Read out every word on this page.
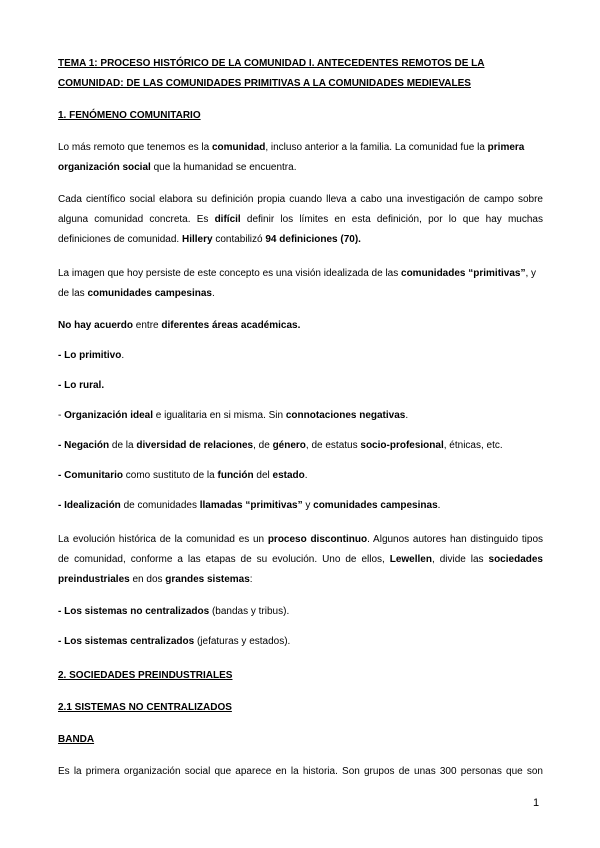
TEMA 1: PROCESO HISTÓRICO DE LA COMUNIDAD I. ANTECEDENTES REMOTOS DE LA COMUNIDAD: DE LAS COMUNIDADES PRIMITIVAS A LA COMUNIDADES MEDIEVALES

1. FENÓMENO COMUNITARIO

Lo más remoto que tenemos es la comunidad, incluso anterior a la familia. La comunidad fue la primera organización social que la humanidad se encuentra.

Cada científico social elabora su definición propia cuando lleva a cabo una investigación de campo sobre alguna comunidad concreta. Es difícil definir los límites en esta definición, por lo que hay muchas definiciones de comunidad. Hillery contabilizó 94 definiciones (70).

La imagen que hoy persiste de este concepto es una visión idealizada de las comunidades “primitivas”, y de las comunidades campesinas.

No hay acuerdo entre diferentes áreas académicas.

- Lo primitivo.

- Lo rural.

- Organización ideal e igualitaria en si misma. Sin connotaciones negativas.

- Negación de la diversidad de relaciones, de género, de estatus socio-profesional, étnicas, etc.

- Comunitario como sustituto de la función del estado.

- Idealización de comunidades llamadas “primitivas” y comunidades campesinas.

La evolución histórica de la comunidad es un proceso discontinuo. Algunos autores han distinguido tipos de comunidad, conforme a las etapas de su evolución. Uno de ellos, Lewellen, divide las sociedades preindustriales en dos grandes sistemas:

- Los sistemas no centralizados (bandas y tribus).

- Los sistemas centralizados (jefaturas y estados).

2. SOCIEDADES PREINDUSTRIALES

2.1 SISTEMAS NO CENTRALIZADOS

BANDA

Es la primera organización social que aparece en la historia. Son grupos de unas 300 personas que son

1
